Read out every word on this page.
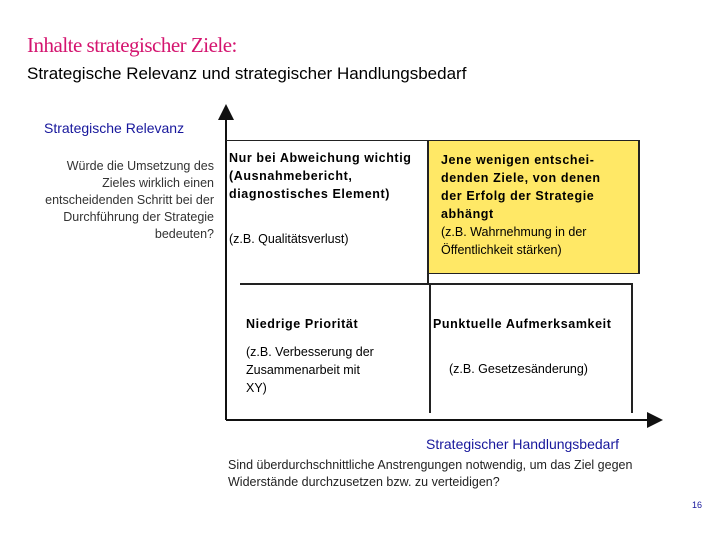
Inhalte strategischer Ziele:
Strategische Relevanz und strategischer Handlungsbedarf
Strategische Relevanz
Würde die Umsetzung des Zieles wirklich einen entscheidenden Schritt bei der Durchführung der Strategie bedeuten?
Nur bei Abweichung wichtig
(Ausnahmebericht,
diagnostisches Element)
(z.B. Qualitätsverlust)
Jene wenigen entschei-
denden Ziele, von denen
der Erfolg der Strategie
abhängt
(z.B. Wahrnehmung in der
Öffentlichkeit stärken)
Niedrige Priorität
(z.B. Verbesserung der
Zusammenarbeit mit
XY)
Punktuelle Aufmerksamkeit
(z.B. Gesetzesänderung)
Strategischer Handlungsbedarf
Sind überdurchschnittliche Anstrengungen notwendig, um das Ziel gegen Widerstände durchzusetzen bzw. zu verteidigen?
16
